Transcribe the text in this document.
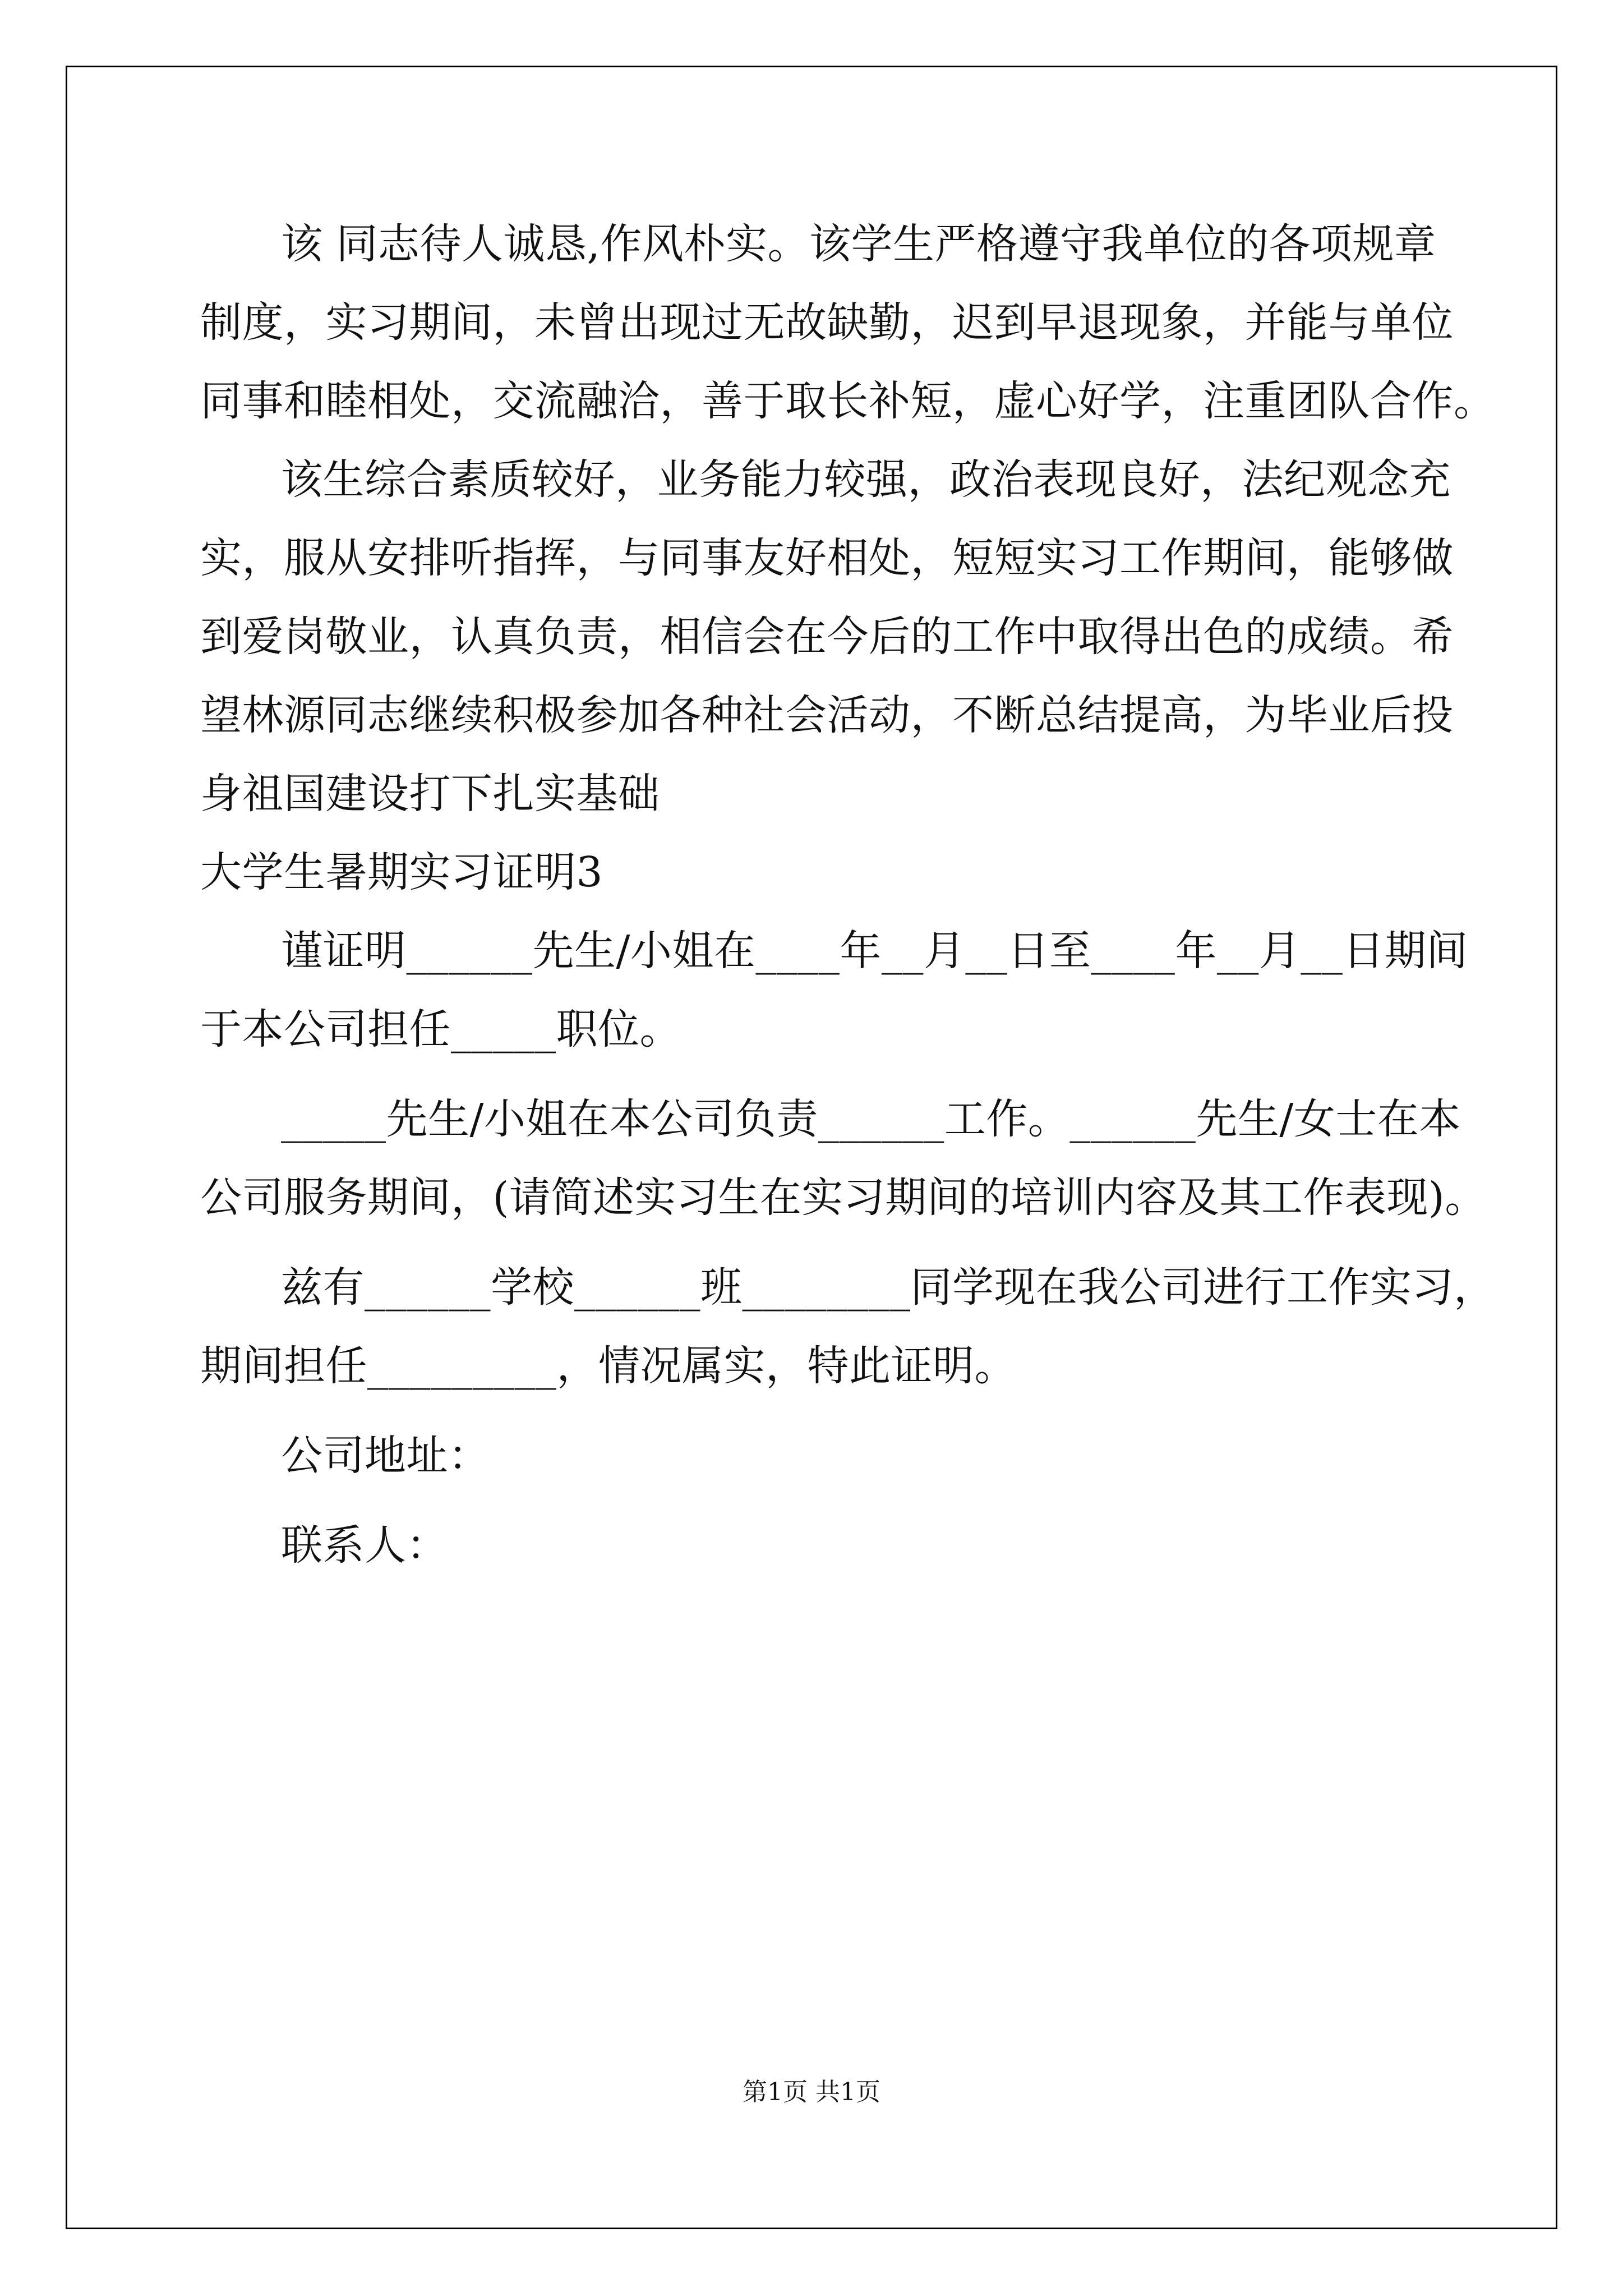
该 同志待人诚恳,作风朴实。该学生严格遵守我单位的各项规章
制度，实习期间，未曾出现过无故缺勤，迟到早退现象，并能与单位
同事和睦相处，交流融洽，善于取长补短，虚心好学，注重团队合作。
该生综合素质较好，业务能力较强，政治表现良好，法纪观念充
实，服从安排听指挥，与同事友好相处，短短实习工作期间，能够做
到爱岗敬业，认真负责，相信会在今后的工作中取得出色的成绩。希
望林源同志继续积极参加各种社会活动，不断总结提高，为毕业后投
身祖国建设打下扎实基础
大学生暑期实习证明3
谨证明______先生/小姐在____年__月__日至____年__月__日期间
于本公司担任_____职位。
_____先生/小姐在本公司负责______工作。______先生/女士在本
公司服务期间，(请简述实习生在实习期间的培训内容及其工作表现)。
兹有______学校______班________同学现在我公司进行工作实习，
期间担任_________，情况属实，特此证明。
公司地址：
联系人：
第1页 共1页
